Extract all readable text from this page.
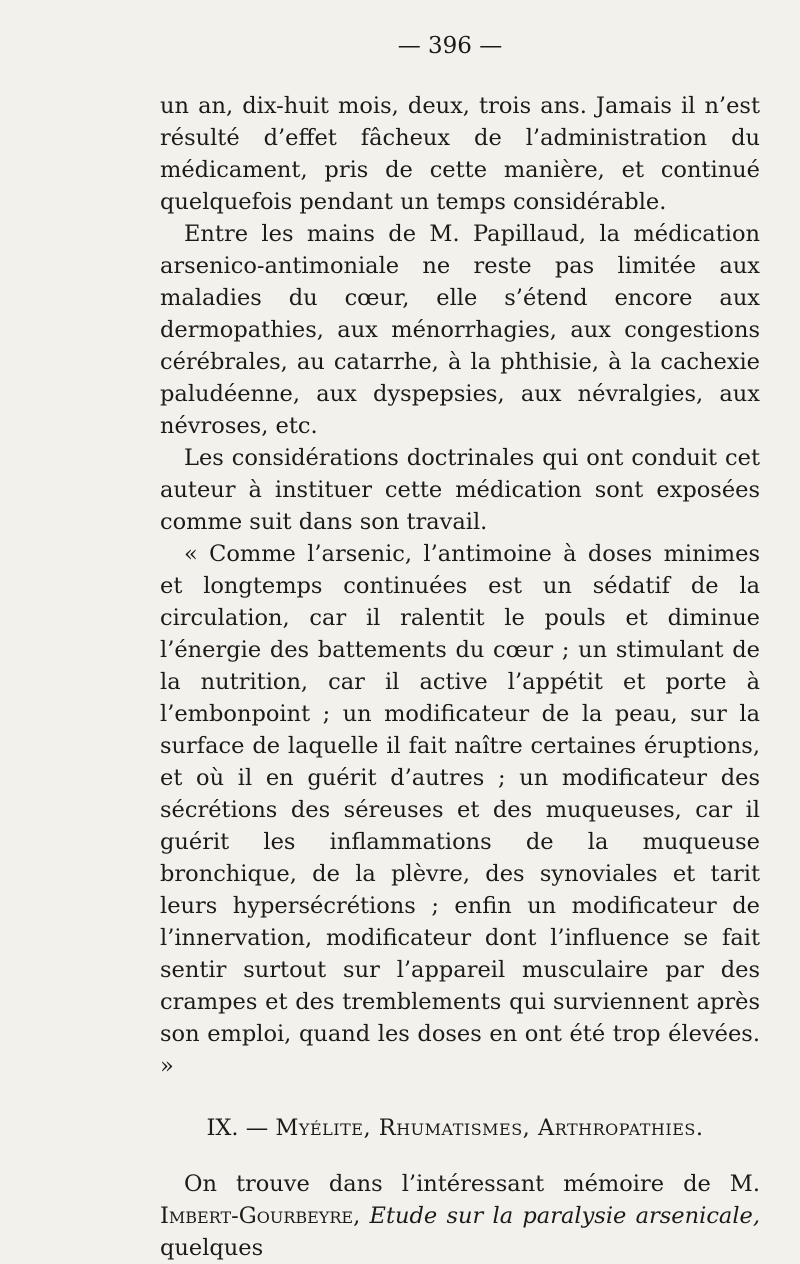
— 396 —

un an, dix-huit mois, deux, trois ans. Jamais il n’est résulté d’effet fâcheux de l’administration du médicament, pris de cette manière, et continué quelquefois pendant un temps considérable.

Entre les mains de M. Papillaud, la médication arsenico-antimoniale ne reste pas limitée aux maladies du cœur, elle s’étend encore aux dermopathies, aux ménorrhagies, aux congestions cérébrales, au catarrhe, à la phthisie, à la cachexie paludéenne, aux dyspepsies, aux névralgies, aux névroses, etc.

Les considérations doctrinales qui ont conduit cet auteur à instituer cette médication sont exposées comme suit dans son travail.

« Comme l’arsenic, l’antimoine à doses minimes et longtemps continuées est un sédatif de la circulation, car il ralentit le pouls et diminue l’énergie des battements du cœur ; un stimulant de la nutrition, car il active l’appétit et porte à l’embonpoint ; un modificateur de la peau, sur la surface de laquelle il fait naître certaines éruptions, et où il en guérit d’autres ; un modificateur des sécrétions des séreuses et des muqueuses, car il guérit les inflammations de la muqueuse bronchique, de la plèvre, des synoviales et tarit leurs hypersécrétions ; enfin un modificateur de l’innervation, modificateur dont l’influence se fait sentir surtout sur l’appareil musculaire par des crampes et des tremblements qui surviennent après son emploi, quand les doses en ont été trop élevées. »

IX. — Myélite, Rhumatismes, Arthropathies.

On trouve dans l’intéressant mémoire de M. Imbert-Gourbeyre, Etude sur la paralysie arsenicale, quelques
